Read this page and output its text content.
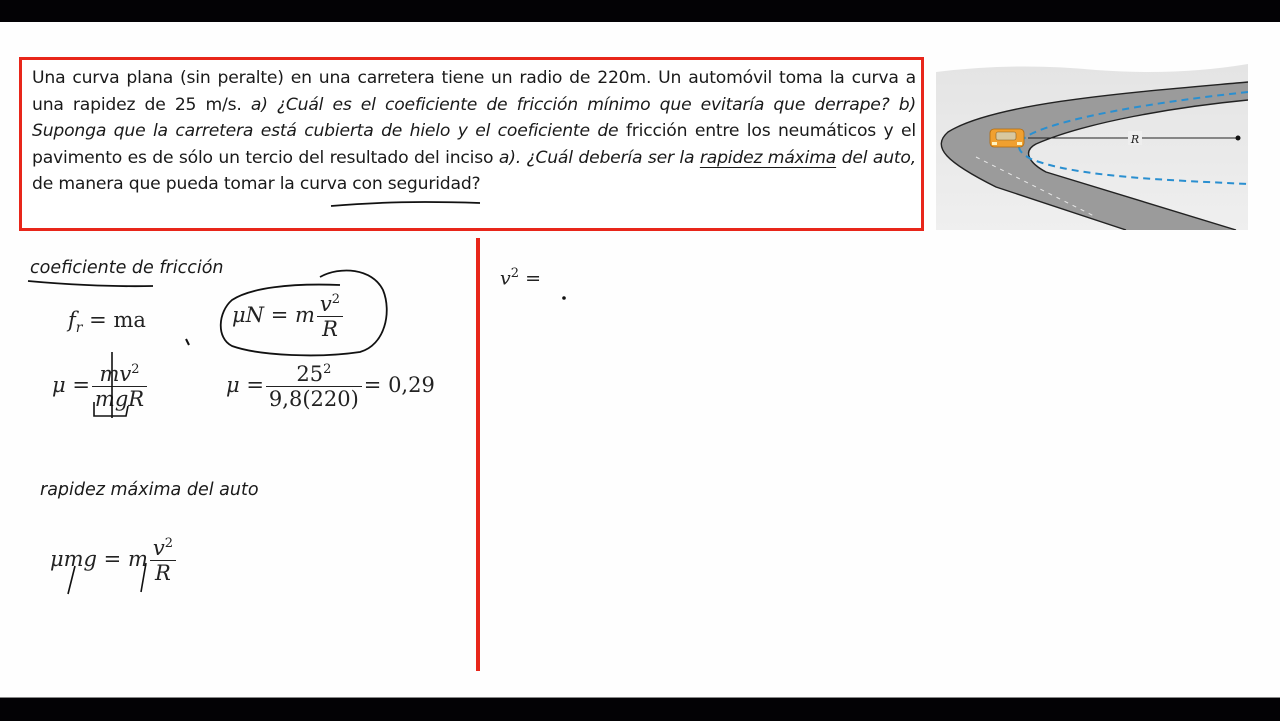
Una curva plana (sin peralte) en una carretera tiene un radio de 220m. Un automóvil toma la curva a una rapidez de 25 m/s. a) ¿Cuál es el coeficiente de fricción mínimo que evitaría que derrape? b) Suponga que la carretera está cubierta de hielo y el coeficiente de fricción entre los neumáticos y el pavimento es de sólo un tercio del resultado del inciso a). ¿Cuál debería ser la rapidez máxima del auto, de manera que pueda tomar la curva con seguridad?
R
coeficiente de fricción
$f_r$ = ma	μN = m $\frac{v^2}{R}$
$\mu = \frac{mv^2}{\text{mgR}}$	$\mu = \frac{25^2}{9,8(220)} = 0,29$
rapidez máxima del auto
μmg = m $\frac{v^2}{R}$
$v^2$ =
